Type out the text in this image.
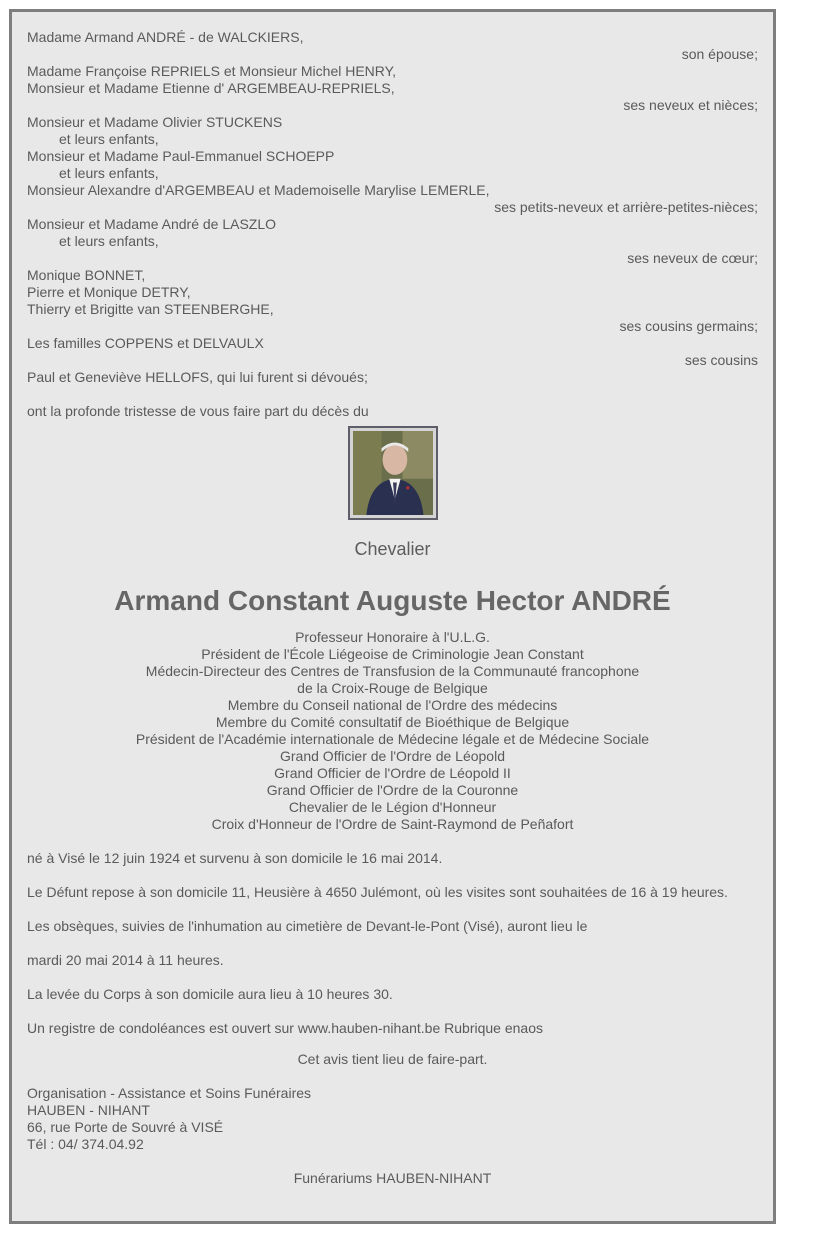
Madame Armand ANDRÉ - de WALCKIERS,
son épouse;
Madame Françoise REPRIELS et Monsieur Michel HENRY,
Monsieur et Madame Etienne d' ARGEMBEAU-REPRIELS,
ses neveux et nièces;
Monsieur et Madame Olivier STUCKENS
et leurs enfants,
Monsieur et Madame Paul-Emmanuel SCHOEPP
et leurs enfants,
Monsieur Alexandre d'ARGEMBEAU et Mademoiselle Marylise LEMERLE,
ses petits-neveux et arrière-petites-nièces;
Monsieur et Madame André de LASZLO
et leurs enfants,
ses neveux de cœur;
Monique BONNET,
Pierre et Monique DETRY,
Thierry et Brigitte van STEENBERGHE,
ses cousins germains;
Les familles COPPENS et DELVAULX
ses cousins
Paul et Geneviève HELLOFS, qui lui furent si dévoués;
ont la profonde tristesse de vous faire part du décès du
Chevalier
Armand Constant Auguste Hector ANDRÉ
Professeur Honoraire à l'U.L.G.
Président de l'École Liégeoise de Criminologie Jean Constant
Médecin-Directeur des Centres de Transfusion de la Communauté francophone
de la Croix-Rouge de Belgique
Membre du Conseil national de l'Ordre des médecins
Membre du Comité consultatif de Bioéthique de Belgique
Président de l'Académie internationale de Médecine légale et de Médecine Sociale
Grand Officier de l'Ordre de Léopold
Grand Officier de l'Ordre de Léopold II
Grand Officier de l'Ordre de la Couronne
Chevalier de le Légion d'Honneur
Croix d'Honneur de l'Ordre de Saint-Raymond de Peñafort
né à Visé le 12 juin 1924 et survenu à son domicile le 16 mai 2014.
Le Défunt repose à son domicile 11, Heusière à 4650 Julémont, où les visites sont souhaitées de 16 à 19 heures.
Les obsèques, suivies de l'inhumation au cimetière de Devant-le-Pont (Visé), auront lieu le
mardi 20 mai 2014 à 11 heures.
La levée du Corps à son domicile aura lieu à 10 heures 30.
Un registre de condoléances est ouvert sur www.hauben-nihant.be Rubrique enaos
Cet avis tient lieu de faire-part.
Organisation - Assistance et Soins Funéraires
HAUBEN - NIHANT
66, rue Porte de Souvré à VISÉ
Tél : 04/ 374.04.92
Funérariums HAUBEN-NIHANT
